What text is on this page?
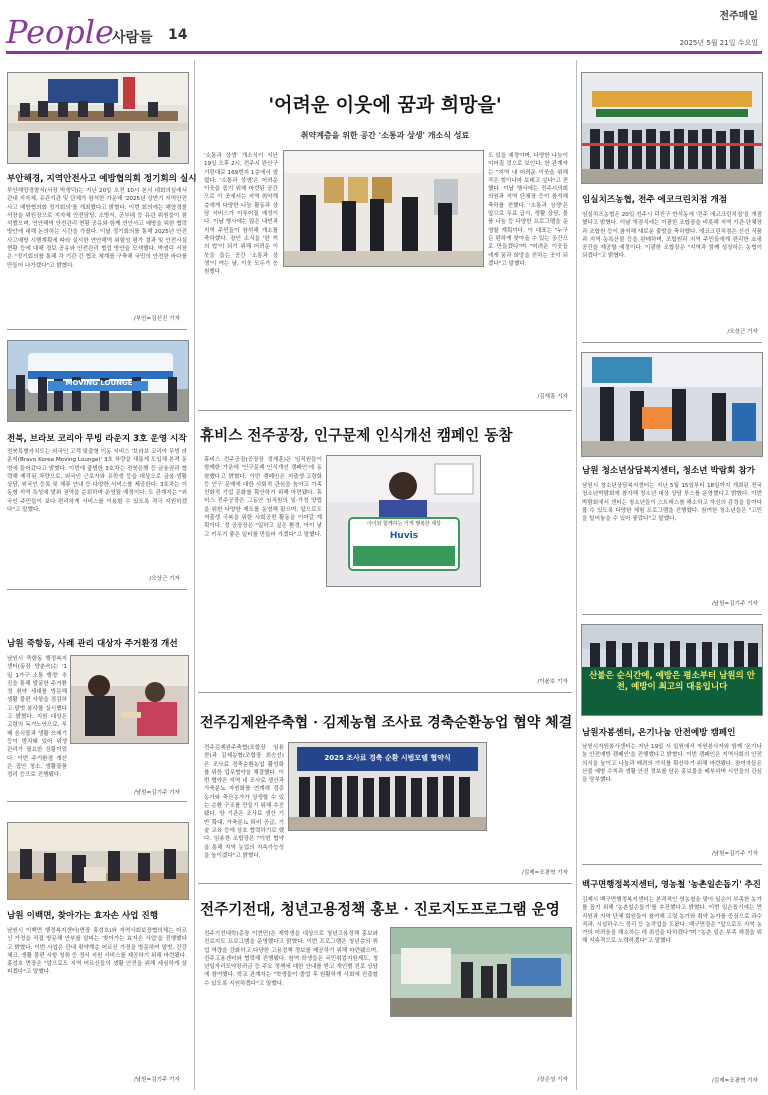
People
사람들 14
전주매일
2025년 5월 21일 수요일
부안해경, 지역안전사고 예방협의회 정기회의 실시
부안해양경찰서(서장 박생덕)는 지난 20일 오전 10시 본서 대회의실에서 관내 지자체, 유관기관 및 단체가 참석한 가운데 '2025년 상반기 지역안전사고 예방협의회 정기회의'를 개최했다고 밝혔다. 이번 회의에는 해양경찰서장을 위원장으로 지자체 안전담당, 소방서, 군부대 등 유관 위원들이 참석했으며, 연안해역 안전관리 현황 공유와 함께 연안사고 예방을 위한 협력 방안에 대해 논의하는 시간을 가졌다. 이날 정기회의를 통해 2025년 안전사고예방 시행계획에 따라 실시한 연안해역 위험성 평가 결과 및 안전시설 현황 등에 대해 정보 공유와 안전관리 협업 방안을 모색했다. 박생덕 서장은 "정기회의를 통해 각 기관 간 협조 체계를 구축해 국민의 안전한 바다를 만들어 나가겠다"고 밝혔다.
/부안=김선진 기자
MOVING LOUNGE
전북, 브라보 코리아 무빙 라운지 3호 운영 시작
전북특별자치도는 외국인 고객 맞춤형 이동 서비스 '브라보 코리아 무빙 라운지(Bravo Korea Moving Lounge)' 3호 차량을 새롭게 도입해 본격 운영에 들어갔다고 밝혔다. 이번에 출범한 3호차는 전북은행 등 금융권과 협력해 제작된 차량으로, 외국인 근로자와 유학생 등을 대상으로 금융·생활 상담, 외국인 등록 및 체류 안내 등 다양한 서비스를 제공한다. 3호차는 이동형 지역 특성에 맞춰 권역을 순회하며 운영될 예정이다. 도 관계자는 "외국인 주민들이 보다 편리하게 서비스를 이용할 수 있도록 적극 지원하겠다"고 말했다.
/오상근 기자
남원 죽항동, 사례 관리 대상자 주거환경 개선
남원시 죽항동 행정복지센터(동장 양춘숙)는 '1일 1가구 소통 행정' 추진을 통해 발굴한 주거환경 취약 세대를 방문해 생활 불편 사항을 점검하고 말벗 봉사를 실시했다고 밝혔다. 지원 대상은 고령의 독거노인으로, 부패 음식물과 생활 쓰레기 등이 방치돼 있어 위생 관리가 필요한 상황이었다. 이번 주거환경 개선은 집안 청소, 생활물품 정리 등으로 진행됐다.
/남원=김기주 기자
남원 이백면, 찾아가는 효자손 사업 진행
남원시 이백면 행정복지센터(면장 홍성호)와 지역사회보장협의체는 어르신 가정을 직접 방문해 안부를 살피는 '찾아가는 효자손 사업'을 진행했다고 밝혔다. 이번 사업은 관내 취약계층 어르신 가정을 방문하여 말벗, 건강 체크, 생활 불편 사항 청취 등 정서 지원 서비스를 제공하기 위해 마련됐다. 홍성호 면장은 "앞으로도 지역 어르신들의 생활 안전을 위해 세심하게 살피겠다"고 말했다.
/남원=김기주 기자
'어려운 이웃에 꿈과 희망을'
취약계층을 위한 공간 '소통과 상생' 개소식 성료
'소통과 상생' 개소식이 지난 19일 오후 2시, 전주시 완산구 기린대로 169번지 1층에서 열렸다. '소통과 상생'은 어려운 이웃을 돕기 위해 마련된 공간으로 이 곳에서는 지역 취약계층에게 다양한 나눔 활동과 상담 서비스가 이루어질 예정이다. 이날 행사에는 많은 내빈과 지역 주민들이 참석해 개소를 축하했다. 장인 소식을 '한 끼의 밥'이 되기 위해 어려운 이웃을 돕는 공간 '소통과 상생'이 여는 날, 이웃 모두가 응원했다.
도 있을 예정이며, 다양한 나눔이 이어질 것으로 보인다. 한 관계자는 "지역 내 어려운 이웃을 위해 작은 힘이나마 보태고 싶다"고 전했다. 이날 행사에는 전주시의회 의원과 지역 단체장 등이 참석해 축하를 전했다. '소통과 상생'은 앞으로 무료 급식, 생활 상담, 물품 나눔 등 다양한 프로그램을 운영할 계획이다. 이 대표는 "누구든 편하게 찾아올 수 있는 공간으로 만들겠다"며 "어려운 이웃들에게 꿈과 희망을 전하는 곳이 되겠다"고 말했다.
/김재흥 기자
휴비스 전주공장, 인구문제 인식개선 캠페인 동참
휴비스 전주공장(공장장 정재훈)은 임직원들이 함께한 가운데 '인구문제 인식개선 캠페인'에 동참했다고 밝혔다. 이번 캠페인은 저출생·고령화 등 인구 문제에 대한 사회적 관심을 높이고 가족친화적 기업 문화를 확산하기 위해 마련됐다. 휴비스 전주공장은 그동안 임직원의 일·가정 양립을 위한 다양한 제도를 운영해 왔으며, 앞으로도 저출생 극복을 위한 사회공헌 활동을 이어갈 계획이다. 정 공장장은 "일하고 싶은 환경, 아이 낳고 키우기 좋은 일터를 만들어 가겠다"고 말했다.
아이와 함께하는 가게 행복한 세상
Huvis
/이윤호 기자
전주김제완주축협 · 김제농협 조사료 경축순환농업 협약 체결
전주김제완주축협(조합장 임용찬)과 김제농협(조합장 최승선)은 조사료 경축순환농업 활성화를 위한 업무협약을 체결했다. 이번 협약은 지역 내 조사료 생산과 가축분뇨 자원화를 연계해 경종농가와 축산농가가 상생할 수 있는 순환 구조를 만들기 위해 추진됐다. 양 기관은 조사료 생산 기반 확대, 가축분뇨 퇴비 공급, 기술 교육 등에 상호 협력하기로 했다. 임용찬 조합장은 "이번 협약을 통해 지역 농업의 지속가능성을 높이겠다"고 밝혔다.
2025 조사료 경축 순환 시범모델 협약식
/김제=조광혁 기자
전주기전대, 청년고용정책 홍보 · 진로지도프로그램 운영
전주기전대학(총장 이현민)은 재학생을 대상으로 청년고용정책 홍보와 진로지도 프로그램을 운영했다고 밝혔다. 이번 프로그램은 청년층의 취업 역량을 강화하고 다양한 고용정책 정보를 제공하기 위해 마련됐으며, 전주고용센터와 협력해 진행됐다. 참여 학생들은 국민취업지원제도, 청년일자리도약장려금 등 주요 정책에 대한 안내를 받고 개인별 진로 상담에 참여했다. 학교 관계자는 "학생들이 졸업 후 원활하게 사회에 진출할 수 있도록 지원하겠다"고 말했다.
/장은성 기자
임실치즈농협, 전주 에코크린치점 개점
임실치즈농협은 20일 전주시 덕진구 반석동에 '전주 에코크린치점'을 개점했다고 밝혔다. 이날 개점식에는 이광한 조합장을 비롯해 지역 기관·단체장과 조합원 등이 참석해 새로운 출발을 축하했다. 에코크린치점은 신선 식품과 지역 농특산물 등을 판매하며, 조합원과 지역 주민들에게 편리한 쇼핑 공간을 제공할 예정이다. 이광한 조합장은 "지역과 함께 성장하는 농협이 되겠다"고 밝혔다.
/오상근 기자
남원 청소년상담복지센터, 청소년 박람회 참가
남원시 청소년상담복지센터는 지난 5월 15일부터 18일까지 개최된 전국청소년박람회에 참가해 청소년 대상 상담 부스를 운영했다고 밝혔다. 이번 박람회에서 센터는 청소년들이 스트레스를 해소하고 자신의 감정을 들여다볼 수 있도록 다양한 체험 프로그램을 진행했다. 참여한 청소년들은 "고민을 털어놓을 수 있어 좋았다"고 말했다.
/남원=김기주 기자
산불은 순식간에, 예방은 평소부터 남원의 안전, 예방이 최고의 대응입니다
남원자봉센터, 온기나눔 안전예방 캠페인
남원시자원봉사센터는 지난 19일 시 일원에서 자원봉사자와 함께 '온기나눔 안전예방 캠페인'을 진행했다고 밝혔다. 이번 캠페인은 지역사회의 안전의식을 높이고 나눔과 배려의 가치를 확산하기 위해 마련됐다. 참여자들은 산불 예방 수칙과 생활 안전 정보를 담은 홍보물을 배부하며 시민들의 관심을 당부했다.
/남원=김기주 기자
백구면행정복지센터, 영농철 '농촌일손돕기' 추진
김제시 백구면행정복지센터는 본격적인 영농철을 맞아 일손이 부족한 농가를 돕기 위해 '농촌일손돕기'를 추진했다고 밝혔다. 이번 일손돕기에는 면 직원과 지역 단체 회원들이 참여해 고령 농가와 취약 농가를 중심으로 과수 적과, 시설하우스 정리 등 농작업을 도왔다. 백구면장은 "앞으로도 지역 농가의 어려움을 해소하는 데 최선을 다하겠다"며 "농촌 일손 부족 해결을 위해 지속적으로 노력하겠다"고 말했다.
/김제=조광혁 기자
